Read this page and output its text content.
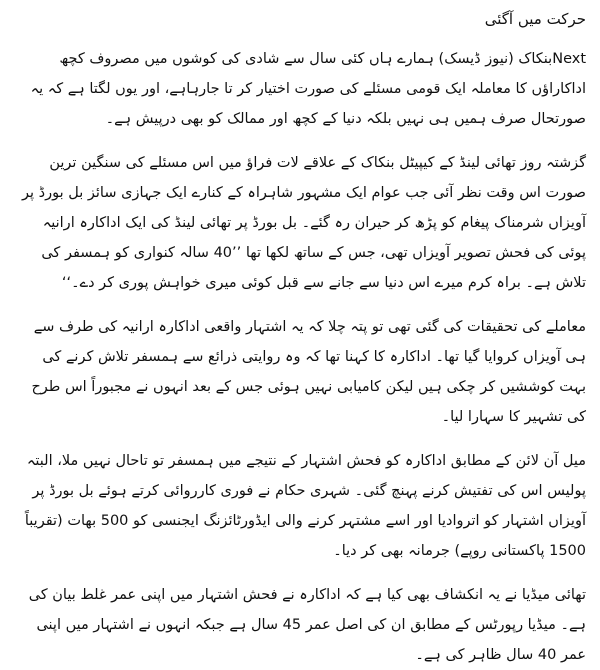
حرکت میں آگئی

Nextبنکاک (نیوز ڈیسک) ہمارے ہاں کئی سال سے شادی کی کوشوں میں مصروف کچھ اداکاراؤں کا معاملہ ایک قومی مسئلے کی صورت اختیار کر تا جارہاہے، اور یوں لگتا ہے کہ یہ صورتحال صرف ہمیں ہی نہیں بلکہ دنیا کے کچھ اور ممالک کو بھی درپیش ہے۔

گزشتہ روز تھائی لینڈ کے کیپیٹل بنکاک کے علاقے لات فراؤ میں اس مسئلے کی سنگین ترین صورت اس وقت نظر آئی جب عوام ایک مشہور شاہراہ کے کنارے ایک جہازی سائز بل بورڈ پر آویزاں شرمناک پیغام کو پڑھ کر حیران رہ گئے۔ بل بورڈ پر تھائی لینڈ کی ایک اداکارہ ارانیہ پوئی کی فحش تصویر آویزاں تھی، جس کے ساتھ لکھا تھا ’’40 سالہ کنواری کو ہمسفر کی تلاش ہے۔ براہ کرم میرے اس دنیا سے جانے سے قبل کوئی میری خواہش پوری کر دے۔‘‘

معاملے کی تحقیقات کی گئی تھی تو پتہ چلا کہ یہ اشتہار واقعی اداکارہ ارانیہ کی طرف سے ہی آویزاں کروایا گیا تھا۔ اداکارہ کا کہنا تھا کہ وہ روایتی ذرائع سے ہمسفر تلاش کرنے کی بہت کوششیں کر چکی ہیں لیکن کامیابی نہیں ہوئی جس کے بعد انہوں نے مجبوراً اس طرح کی تشہیر کا سہارا لیا۔

میل آن لائن کے مطابق اداکارہ کو فحش اشتہار کے نتیجے میں ہمسفر تو تاحال نہیں ملا، البتہ پولیس اس کی تفتیش کرنے پہنچ گئی۔ شہری حکام نے فوری کارروائی کرتے ہوئے بل بورڈ پر آویزاں اشتہار کو اتروادیا اور اسے مشتہر کرنے والی ایڈورٹائزنگ ایجنسی کو 500 بھات (تقریباً 1500 پاکستانی روپے) جرمانہ بھی کر دیا۔

تھائی میڈیا نے یہ انکشاف بھی کیا ہے کہ اداکارہ نے فحش اشتہار میں اپنی عمر غلط بیان کی ہے۔ میڈیا رپورٹس کے مطابق ان کی اصل عمر 45 سال ہے جبکہ انہوں نے اشتہار میں اپنی عمر 40 سال ظاہر کی ہے۔
